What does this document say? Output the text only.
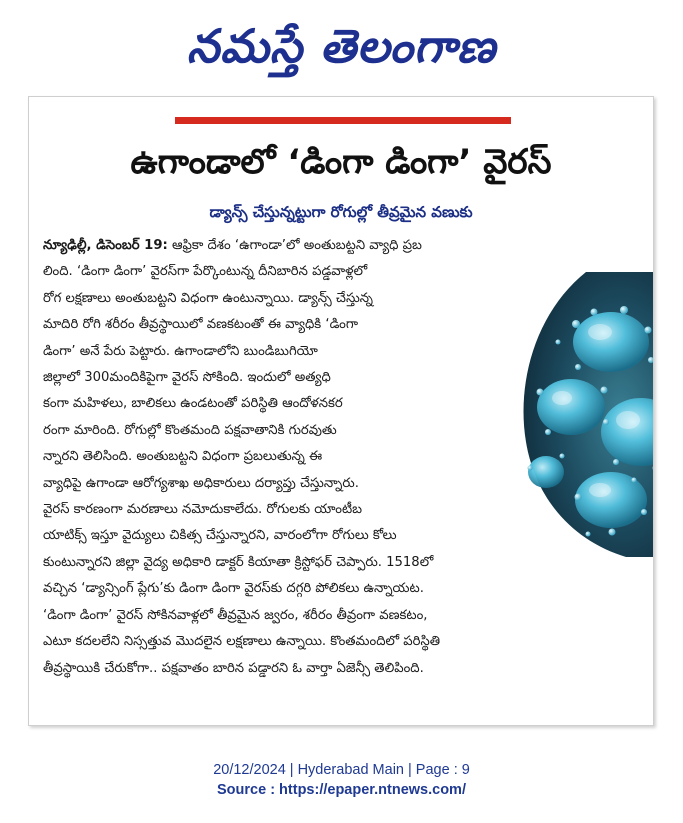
నమస్తే తెలంగాణ
ఉగాండాలో ‘డింగా డింగా’ వైరస్
డ్యాన్స్ చేస్తున్నట్టుగా రోగుల్లో తీవ్రమైన వణుకు
న్యూఢిల్లీ, డిసెంబర్ 19: ఆఫ్రికా దేశం ‘ఉగాండా’లో అంతుబట్టని వ్యాధి ప్రబ
లింది. ‘డింగా డింగా’ వైరస్‌గా పేర్కొంటున్న దీనిబారిన పడ్డవాళ్లలో
రోగ లక్షణాలు అంతుబట్టని విధంగా ఉంటున్నాయి. డ్యాన్స్ చేస్తున్న
మాదిరి రోగి శరీరం తీవ్రస్థాయిలో వణకటంతో ఈ వ్యాధికి ‘డింగా
డింగా’ అనే పేరు పెట్టారు. ఉగాండాలోని బుండిబుగియో
జిల్లాలో 300మందికిపైగా వైరస్ సోకింది. ఇందులో అత్యధి
కంగా మహిళలు, బాలికలు ఉండటంతో పరిస్థితి ఆందోళనకర
రంగా మారింది. రోగుల్లో కొంతమంది పక్షవాతానికి గురవుతు
న్నారని తెలిసింది. అంతుబట్టని విధంగా ప్రబలుతున్న ఈ
వ్యాధిపై ఉగాండా ఆరోగ్యశాఖ అధికారులు దర్యాప్తు చేస్తున్నారు.
వైరస్ కారణంగా మరణాలు నమోదుకాలేదు. రోగులకు యాంటీబ
యాటిక్స్ ఇస్తూ వైద్యులు చికిత్స చేస్తున్నారని, వారంలోగా రోగులు కోలు
కుంటున్నారని జిల్లా వైద్య అధికారి డాక్టర్ కియాతా క్రిస్టోఫర్ చెప్పారు. 1518లో
వచ్చిన ‘డ్యాన్సింగ్ ప్లేగు’కు డింగా డింగా వైరస్‌కు దగ్గరి పోలికలు ఉన్నాయట.
‘డింగా డింగా’ వైరస్ సోకినవాళ్లలో తీవ్రమైన జ్వరం, శరీరం తీవ్రంగా వణకటం,
ఎటూ కదలలేని నిస్సత్తువ మొదలైన లక్షణాలు ఉన్నాయి. కొంతమందిలో పరిస్థితి
తీవ్రస్థాయికి చేరుకోగా.. పక్షవాతం బారిన పడ్డారని ఓ వార్తా ఏజెన్సీ తెలిపింది.
20/12/2024 | Hyderabad Main | Page : 9
Source : https://epaper.ntnews.com/
